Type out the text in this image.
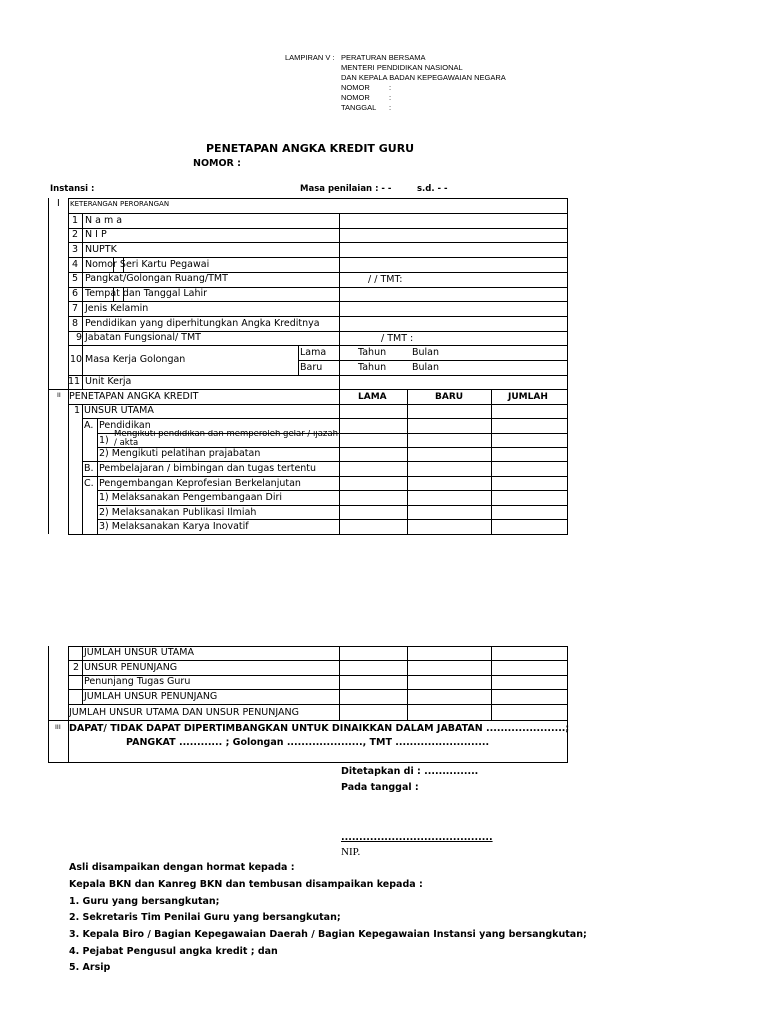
LAMPIRAN V : PERATURAN BERSAMA
MENTERI PENDIDIKAN NASIONAL
DAN KEPALA BADAN KEPEGAWAIAN NEGARA
NOMOR	:
NOMOR	:
TANGGAL :
PENETAPAN ANGKA KREDIT GURU
NOMOR :
Instansi :	Masa penilaian : - -	s.d. - -
I KETERANGAN PERORANGAN
1 N a m a
2 N I P
3 NUPTK
4 Nomor Seri Kartu Pegawai
5 Pangkat/Golongan Ruang/TMT	/ / TMT:
6 Tempat dan Tanggal Lahir
7 Jenis Kelamin
8 Pendidikan yang diperhitungkan Angka Kreditnya
9 Jabatan Fungsional/ TMT	/ TMT :
10 Masa Kerja Golongan
Lama	Tahun	Bulan
Baru	Tahun	Bulan
11 Unit Kerja
II PENETAPAN ANGKA KREDIT	LAMA	BARU	JUMLAH
1 UNSUR UTAMA
A. Pendidikan
1)
Mengikuti pendidikan dan memperoleh gelar / ijazah / akta
2) Mengikuti pelatihan prajabatan
B. Pembelajaran / bimbingan dan tugas tertentu
C. Pengembangan Keprofesian Berkelanjutan
1) Melaksanakan Pengembangaan Diri
2) Melaksanakan Publikasi Ilmiah
3) Melaksanakan Karya Inovatif
JUMLAH UNSUR UTAMA
2 UNSUR PENUNJANG
Penunjang Tugas Guru
JUMLAH UNSUR PENUNJANG
JUMLAH UNSUR UTAMA DAN UNSUR PENUNJANG
III DAPAT/ TIDAK DAPAT DIPERTIMBANGKAN UNTUK DINAIKKAN DALAM JABATAN ......................;
PANGKAT ............ ; Golongan ....................., TMT ..........................
Ditetapkan di : ...............
Pada tanggal :
..........................................
NIP.
Asli disampaikan dengan hormat kepada :
Kepala BKN dan Kanreg BKN dan tembusan disampaikan kepada :
1. Guru yang bersangkutan;
2. Sekretaris Tim Penilai Guru yang bersangkutan;
3. Kepala Biro / Bagian Kepegawaian Daerah / Bagian Kepegawaian Instansi yang bersangkutan;
4. Pejabat Pengusul angka kredit ; dan
5. Arsip
